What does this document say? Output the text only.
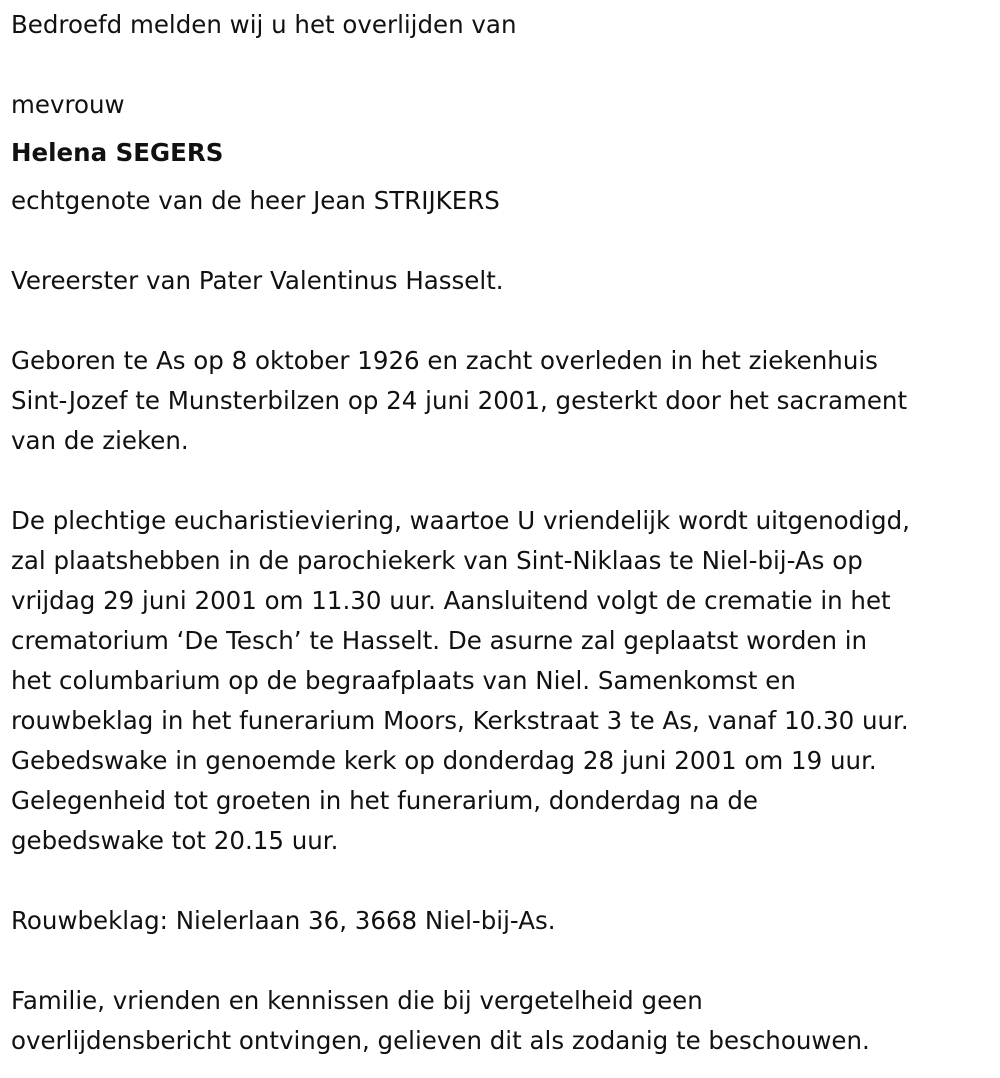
Bedroefd melden wij u het overlijden van
mevrouw
Helena SEGERS
echtgenote van de heer Jean STRIJKERS
Vereerster van Pater Valentinus Hasselt.
Geboren te As op 8 oktober 1926 en zacht overleden in het ziekenhuis
Sint-Jozef te Munsterbilzen op 24 juni 2001, gesterkt door het sacrament
van de zieken.
De plechtige eucharistieviering, waartoe U vriendelijk wordt uitgenodigd,
zal plaatshebben in de parochiekerk van Sint-Niklaas te Niel-bij-As op
vrijdag 29 juni 2001 om 11.30 uur. Aansluitend volgt de crematie in het
crematorium ‘De Tesch’ te Hasselt. De asurne zal geplaatst worden in
het columbarium op de begraafplaats van Niel. Samenkomst en
rouwbeklag in het funerarium Moors, Kerkstraat 3 te As, vanaf 10.30 uur.
Gebedswake in genoemde kerk op donderdag 28 juni 2001 om 19 uur.
Gelegenheid tot groeten in het funerarium, donderdag na de
gebedswake tot 20.15 uur.
Rouwbeklag: Nielerlaan 36, 3668 Niel-bij-As.
Familie, vrienden en kennissen die bij vergetelheid geen
overlijdensbericht ontvingen, gelieven dit als zodanig te beschouwen.
